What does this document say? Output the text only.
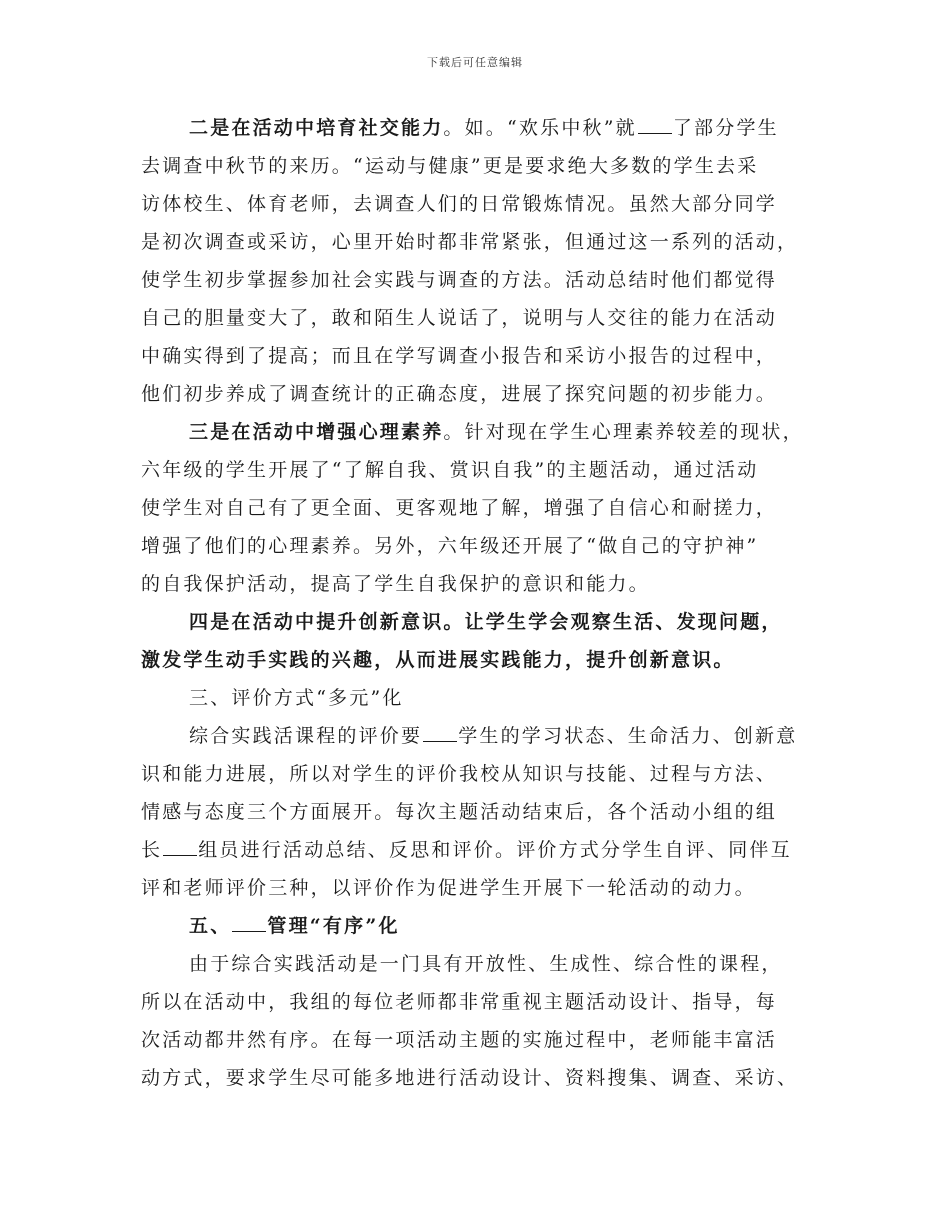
下载后可任意编辑
二是在活动中培育社交能力。如。“欢乐中秋”就 了部分学生
去调查中秋节的来历。“运动与健康”更是要求绝大多数的学生去采
访体校生、体育老师，去调查人们的日常锻炼情况。虽然大部分同学
是初次调查或采访，心里开始时都非常紧张，但通过这一系列的活动，
使学生初步掌握参加社会实践与调查的方法。活动总结时他们都觉得
自己的胆量变大了，敢和陌生人说话了，说明与人交往的能力在活动
中确实得到了提高；而且在学写调查小报告和采访小报告的过程中，
他们初步养成了调查统计的正确态度，进展了探究问题的初步能力。
三是在活动中增强心理素养。针对现在学生心理素养较差的现状，
六年级的学生开展了“了解自我、赏识自我”的主题活动，通过活动
使学生对自己有了更全面、更客观地了解，增强了自信心和耐搓力，
增强了他们的心理素养。另外，六年级还开展了“做自己的守护神”
的自我保护活动，提高了学生自我保护的意识和能力。
四是在活动中提升创新意识。让学生学会观察生活、发现问题，
激发学生动手实践的兴趣，从而进展实践能力，提升创新意识。
三、评价方式“多元”化
综合实践活课程的评价要 学生的学习状态、生命活力、创新意
识和能力进展，所以对学生的评价我校从知识与技能、过程与方法、
情感与态度三个方面展开。每次主题活动结束后，各个活动小组的组
长 组员进行活动总结、反思和评价。评价方式分学生自评、同伴互
评和老师评价三种，以评价作为促进学生开展下一轮活动的动力。
五、 管理“有序”化
由于综合实践活动是一门具有开放性、生成性、综合性的课程，
所以在活动中，我组的每位老师都非常重视主题活动设计、指导，每
次活动都井然有序。在每一项活动主题的实施过程中，老师能丰富活
动方式，要求学生尽可能多地进行活动设计、资料搜集、调查、采访、
